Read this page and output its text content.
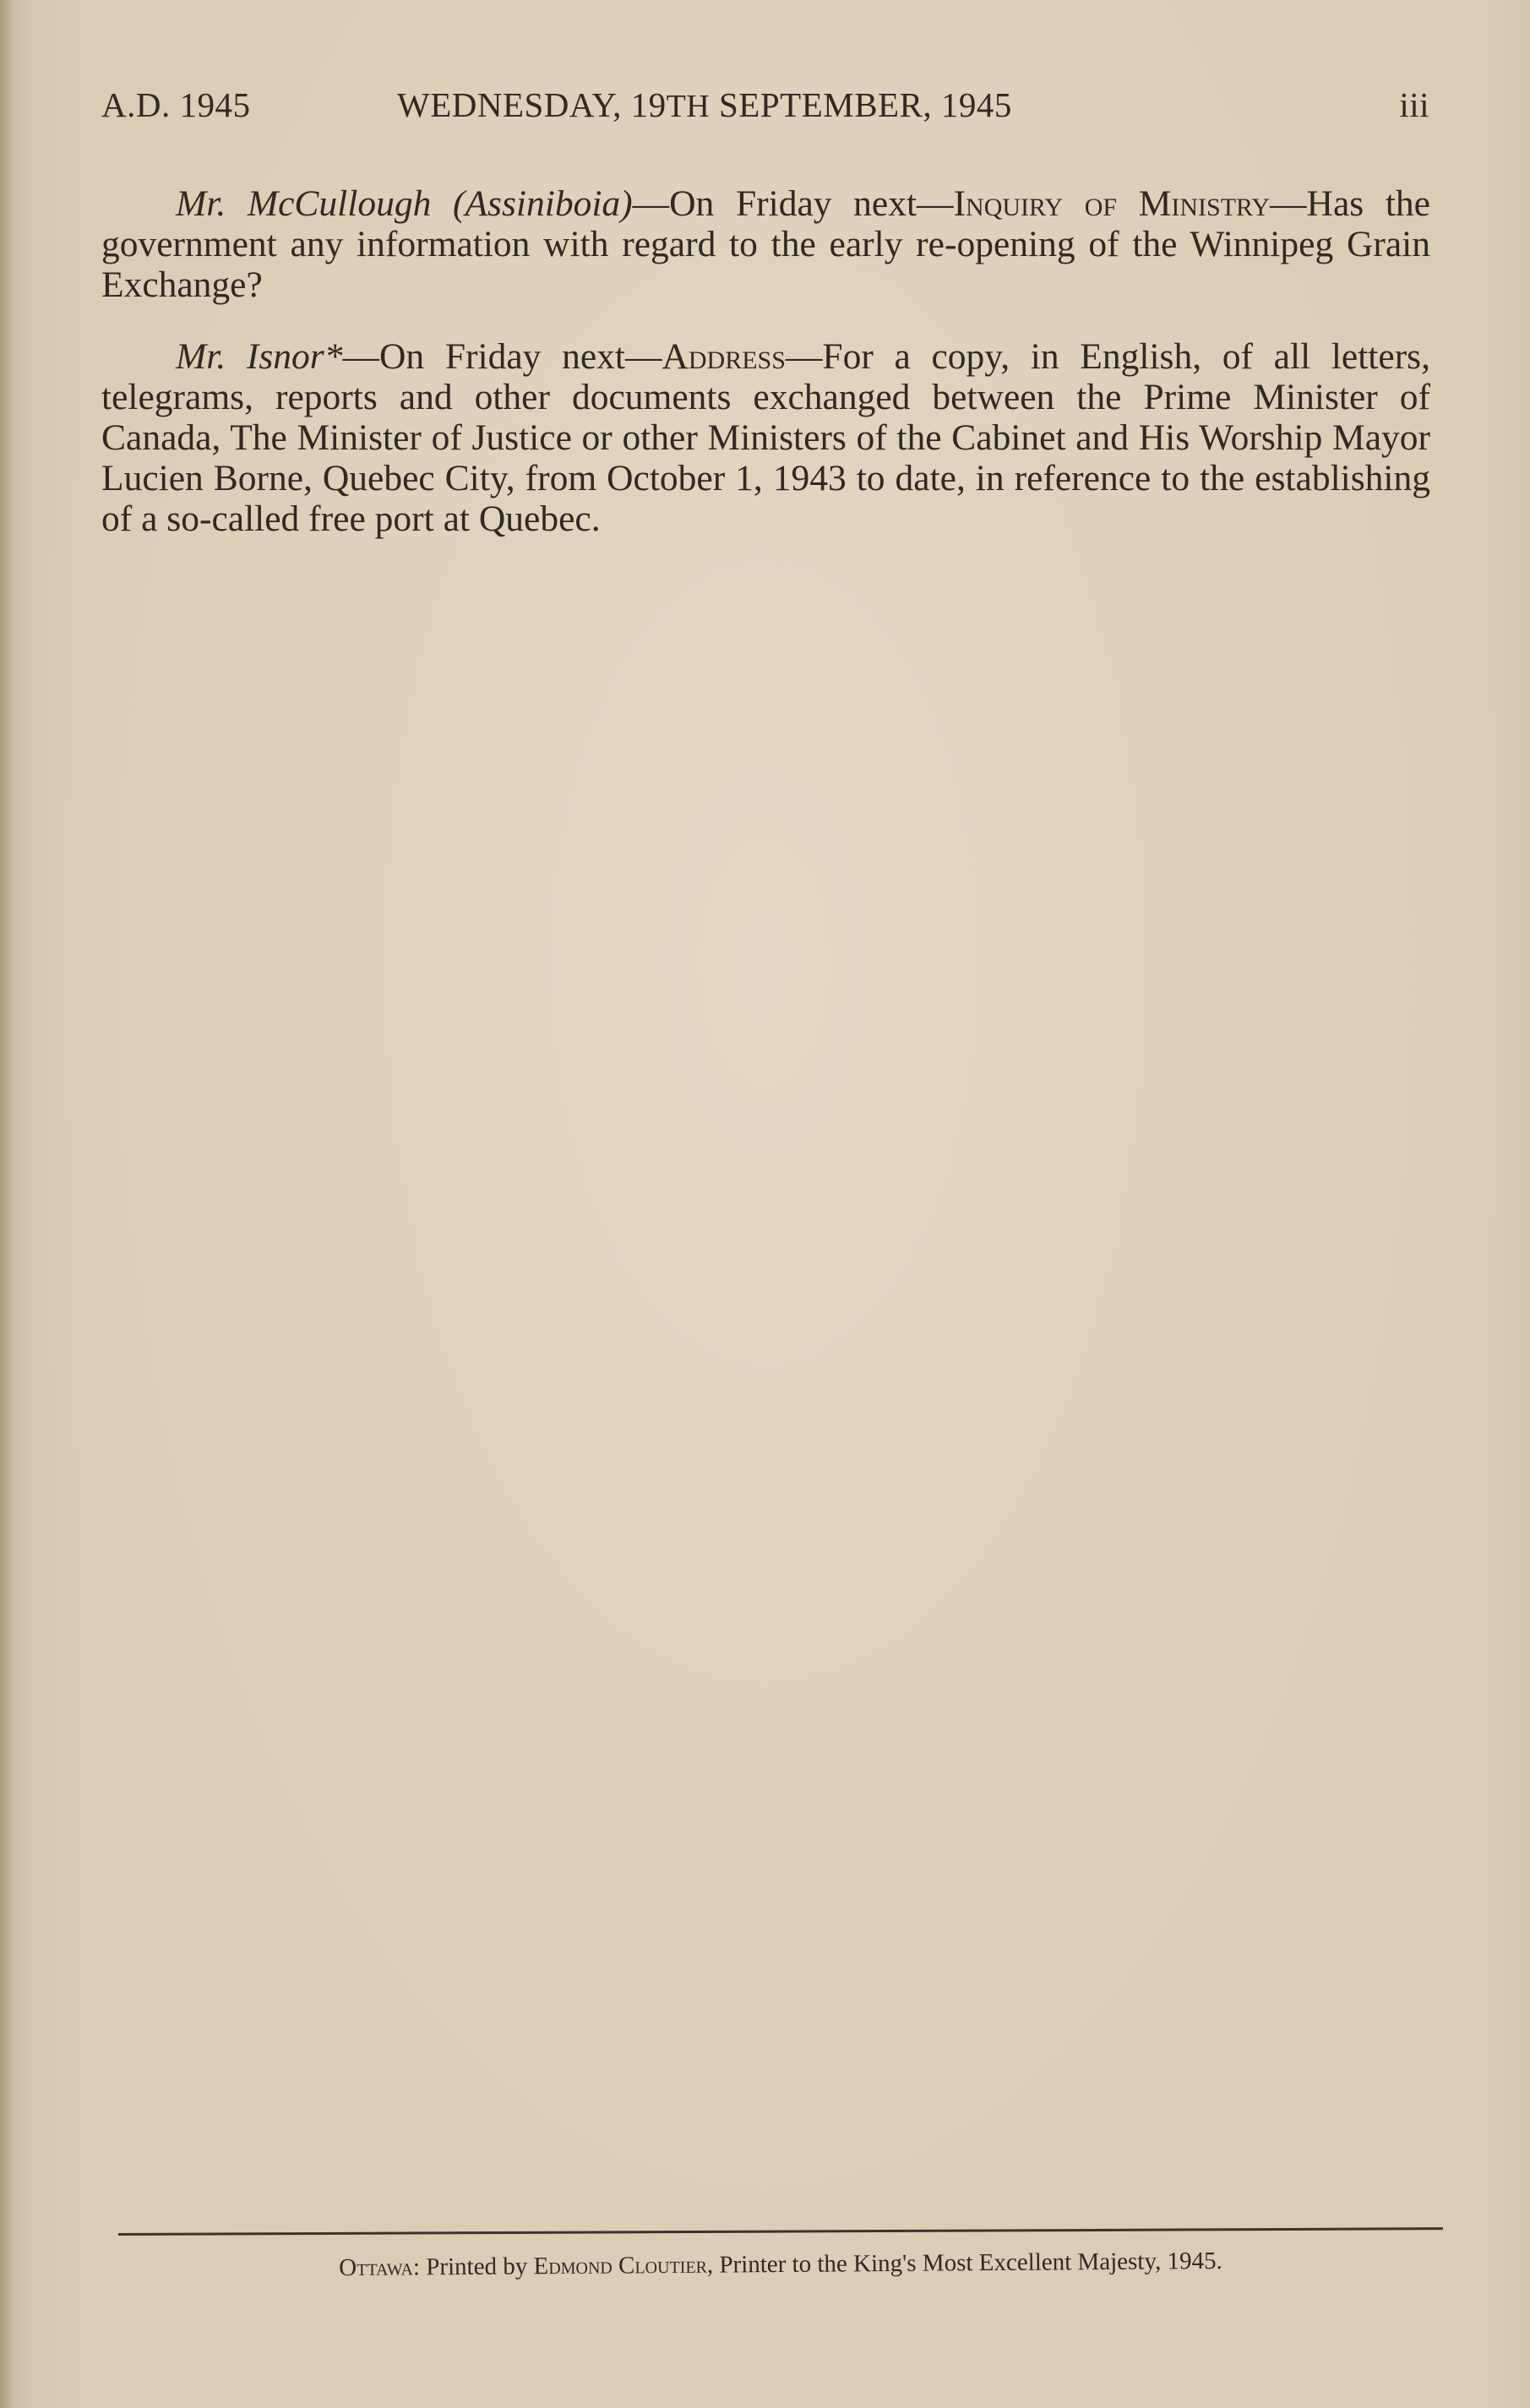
A.D. 1945	WEDNESDAY, 19TH SEPTEMBER, 1945	iii

Mr. McCullough (Assiniboia)—On Friday next—Inquiry of Ministry—Has the government any information with regard to the early re-opening of the Winnipeg Grain Exchange?

Mr. Isnor*—On Friday next—Address—For a copy, in English, of all letters, telegrams, reports and other documents exchanged between the Prime Minister of Canada, The Minister of Justice or other Ministers of the Cabinet and His Worship Mayor Lucien Borne, Quebec City, from October 1, 1943 to date, in reference to the establishing of a so-called free port at Quebec.

Ottawa: Printed by Edmond Cloutier, Printer to the King's Most Excellent Majesty, 1945.
